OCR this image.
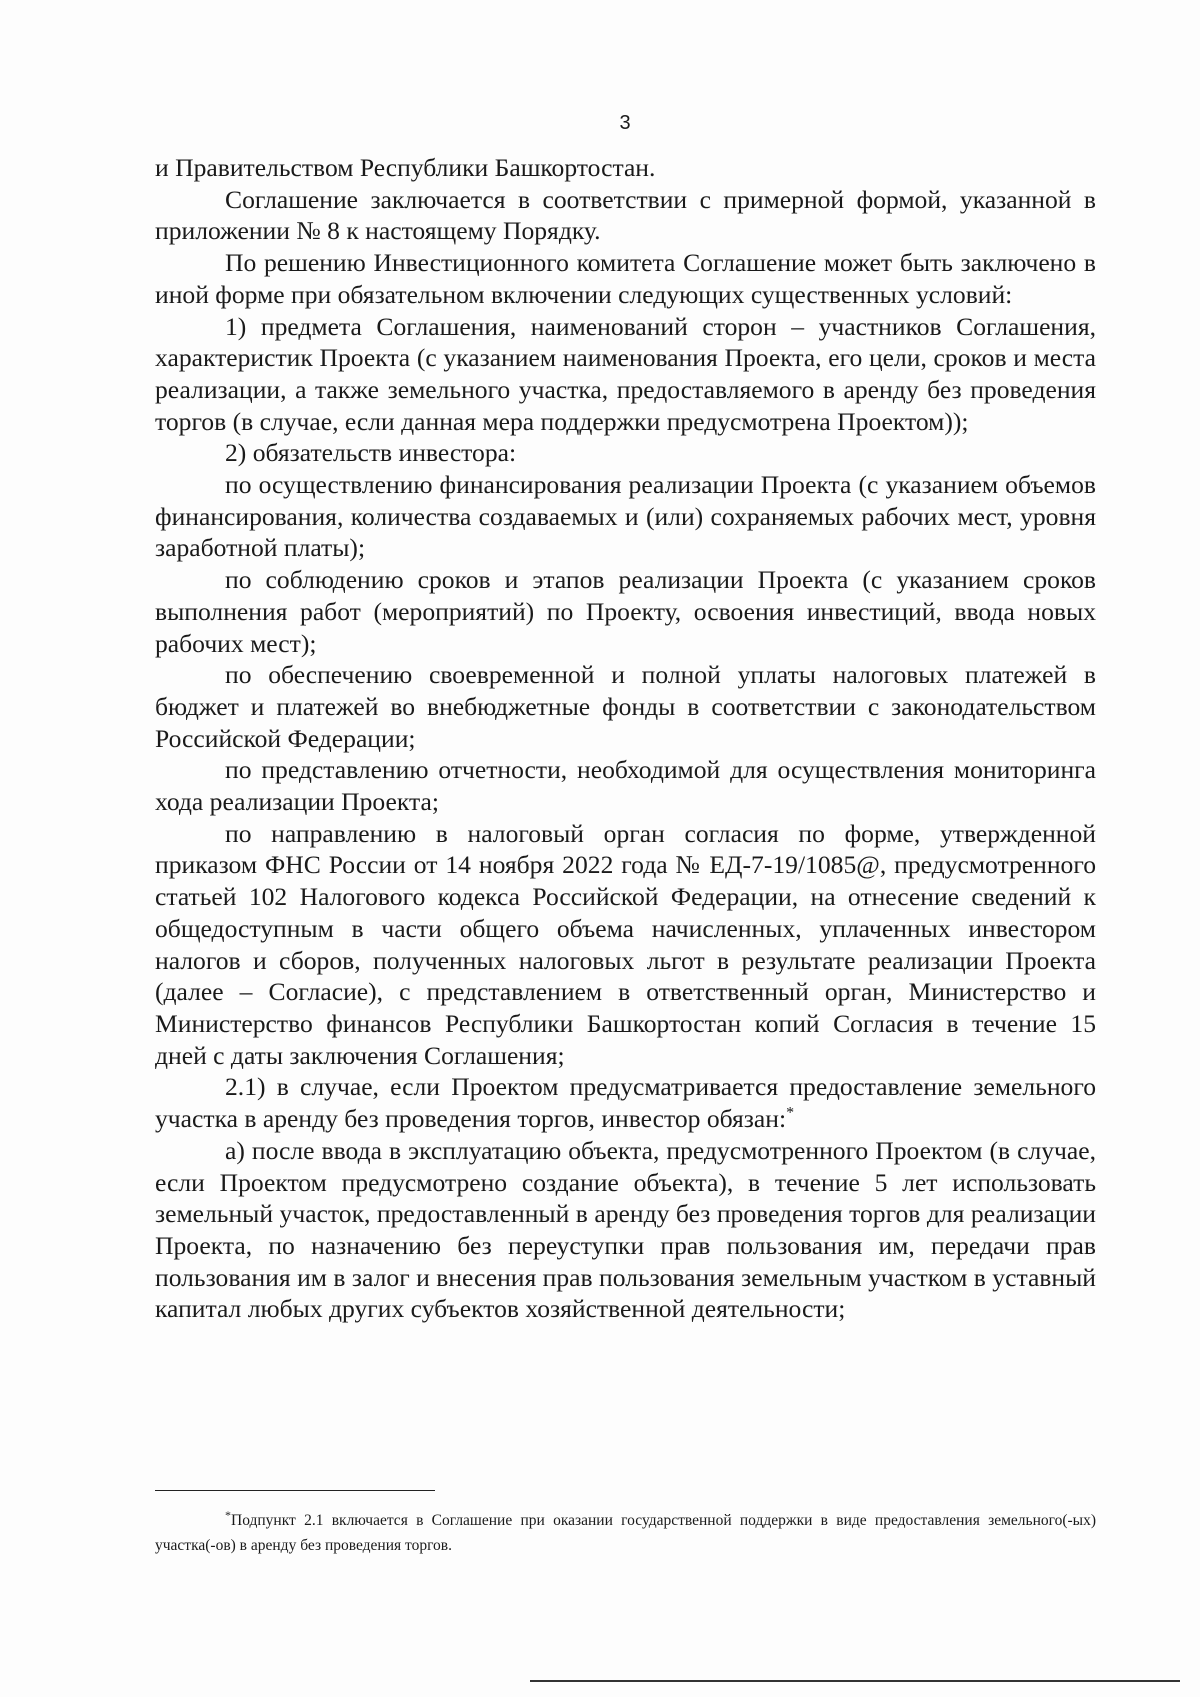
3

и Правительством Республики Башкортостан.

Соглашение заключается в соответствии с примерной формой, указанной в приложении № 8 к настоящему Порядку.

По решению Инвестиционного комитета Соглашение может быть заключено в иной форме при обязательном включении следующих существенных условий:

1) предмета Соглашения, наименований сторон – участников Соглашения, характеристик Проекта (с указанием наименования Проекта, его цели, сроков и места реализации, а также земельного участка, предоставляемого в аренду без проведения торгов (в случае, если данная мера поддержки предусмотрена Проектом));

2) обязательств инвестора:

по осуществлению финансирования реализации Проекта (с указанием объемов финансирования, количества создаваемых и (или) сохраняемых рабочих мест, уровня заработной платы);

по соблюдению сроков и этапов реализации Проекта (с указанием сроков выполнения работ (мероприятий) по Проекту, освоения инвестиций, ввода новых рабочих мест);

по обеспечению своевременной и полной уплаты налоговых платежей в бюджет и платежей во внебюджетные фонды в соответствии с законодательством Российской Федерации;

по представлению отчетности, необходимой для осуществления мониторинга хода реализации Проекта;

по направлению в налоговый орган согласия по форме, утвержденной приказом ФНС России от 14 ноября 2022 года № ЕД-7-19/1085@, предусмотренного статьей 102 Налогового кодекса Российской Федерации, на отнесение сведений к общедоступным в части общего объема начисленных, уплаченных инвестором налогов и сборов, полученных налоговых льгот в результате реализации Проекта (далее – Согласие), с представлением в ответственный орган, Министерство и Министерство финансов Республики Башкортостан копий Согласия в течение 15 дней с даты заключения Соглашения;

2.1) в случае, если Проектом предусматривается предоставление земельного участка в аренду без проведения торгов, инвестор обязан:*

а) после ввода в эксплуатацию объекта, предусмотренного Проектом (в случае, если Проектом предусмотрено создание объекта), в течение 5 лет использовать земельный участок, предоставленный в аренду без проведения торгов для реализации Проекта, по назначению без переуступки прав пользования им, передачи прав пользования им в залог и внесения прав пользования земельным участком в уставный капитал любых других субъектов хозяйственной деятельности;

*Подпункт 2.1 включается в Соглашение при оказании государственной поддержки в виде предоставления земельного(-ых) участка(-ов) в аренду без проведения торгов.
